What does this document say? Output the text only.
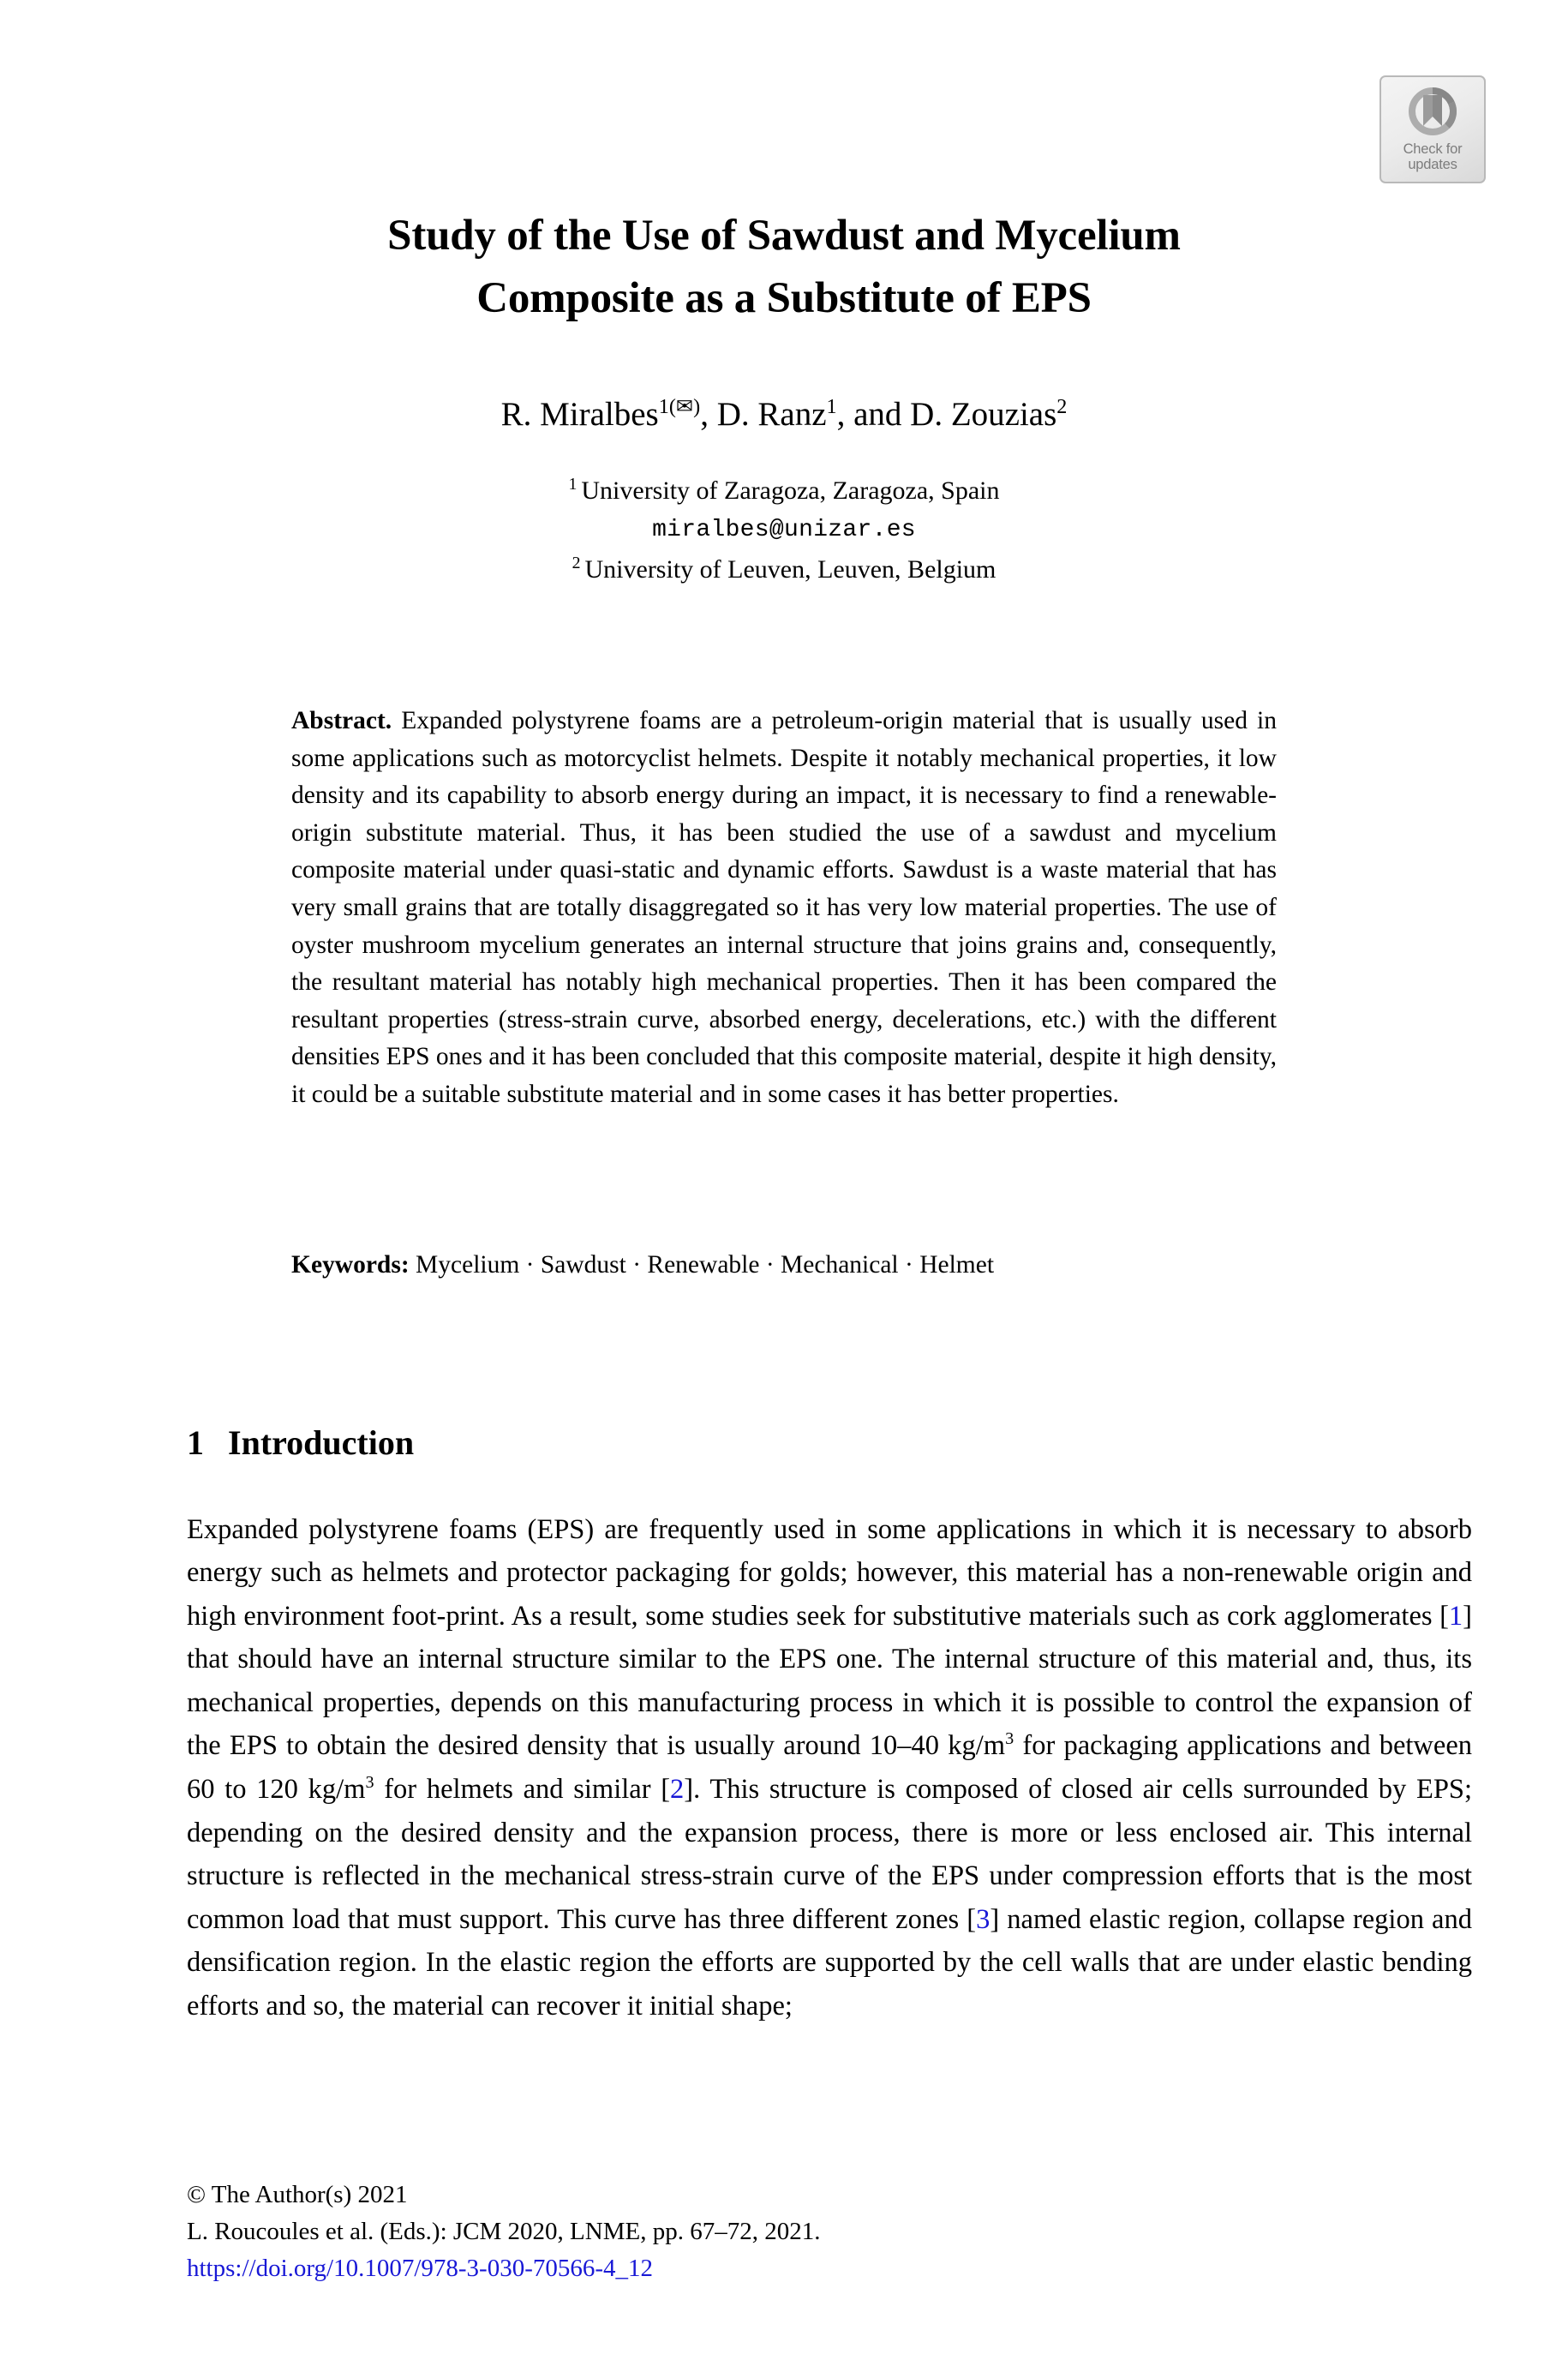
Check for
updates
Study of the Use of Sawdust and Mycelium
Composite as a Substitute of EPS
R. Miralbes$^{1(✉)}$, D. Ranz$^1$, and D. Zouzias$^2$
$^1$ University of Zaragoza, Zaragoza, Spain
miralbes@unizar.es
$^2$ University of Leuven, Leuven, Belgium
Abstract. Expanded polystyrene foams are a petroleum-origin material that is usually used in some applications such as motorcyclist helmets. Despite it notably mechanical properties, it low density and its capability to absorb energy during an impact, it is necessary to find a renewable-origin substitute material. Thus, it has been studied the use of a sawdust and mycelium composite material under quasi-static and dynamic efforts. Sawdust is a waste material that has very small grains that are totally disaggregated so it has very low material properties. The use of oyster mushroom mycelium generates an internal structure that joins grains and, consequently, the resultant material has notably high mechanical properties. Then it has been compared the resultant properties (stress-strain curve, absorbed energy, decelerations, etc.) with the different densities EPS ones and it has been concluded that this composite material, despite it high density, it could be a suitable substitute material and in some cases it has better properties.
Keywords: Mycelium · Sawdust · Renewable · Mechanical · Helmet
1 Introduction

Expanded polystyrene foams (EPS) are frequently used in some applications in which it is necessary to absorb energy such as helmets and protector packaging for golds; however, this material has a non-renewable origin and high environment foot-print. As a result, some studies seek for substitutive materials such as cork agglomerates [1] that should have an internal structure similar to the EPS one. The internal structure of this material and, thus, its mechanical properties, depends on this manufacturing process in which it is possible to control the expansion of the EPS to obtain the desired density that is usually around 10–40 $kg/m^3$ for packaging applications and between 60 to 120 $kg/m^3$ for helmets and similar [2]. This structure is composed of closed air cells surrounded by EPS; depending on the desired density and the expansion process, there is more or less enclosed air. This internal structure is reflected in the mechanical stress-strain curve of the EPS under compression efforts that is the most common load that must support. This curve has three different zones [3] named elastic region, collapse region and densification region. In the elastic region the efforts are supported by the cell walls that are under elastic bending efforts and so, the material can recover it initial shape;

© The Author(s) 2021
L. Roucoules et al. (Eds.): JCM 2020, LNME, pp. 67–72, 2021.
https://doi.org/10.1007/978-3-030-70566-4_12
